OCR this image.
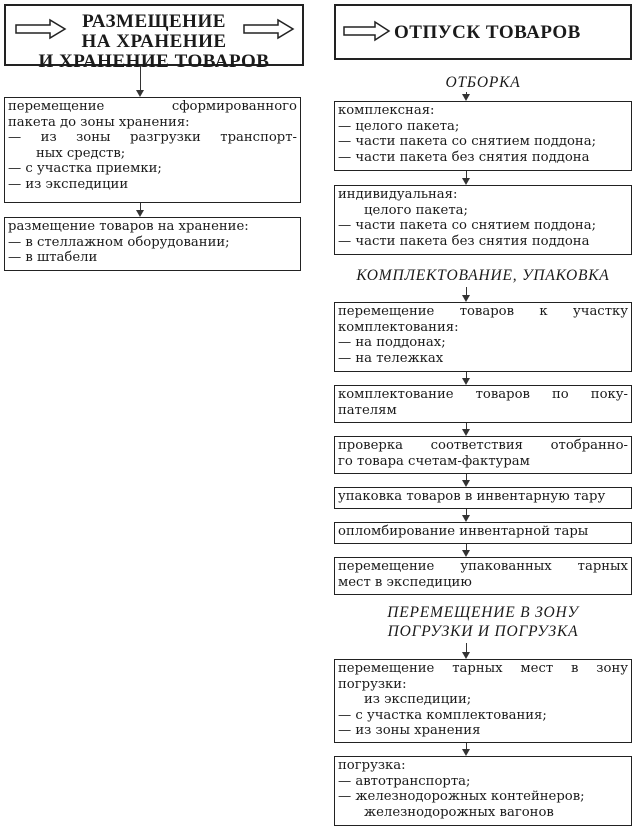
РАЗМЕЩЕНИЕ
НА ХРАНЕНИЕ
И ХРАНЕНИЕ ТОВАРОВ
перемещение сформированного
пакета до зоны хранения:
— из зоны разгрузки транспорт-
ных средств;
— с участка приемки;
— из экспедиции
размещение товаров на хранение:
— в стеллажном оборудовании;
— в штабели
ОТПУСК ТОВАРОВ
ОТБОРКА
комплексная:
— целого пакета;
— части пакета со снятием поддона;
— части пакета без снятия поддона
индивидуальная:
целого пакета;
— части пакета со снятием поддона;
— части пакета без снятия поддона
КОМПЛЕКТОВАНИЕ, УПАКОВКА
перемещение товаров к участку
комплектования:
— на поддонах;
— на тележках
комплектование товаров по поку-
пателям
проверка соответствия отобранно-
го товара счетам-фактурам
упаковка товаров в инвентарную тару
опломбирование инвентарной тары
перемещение упакованных тарных
мест в экспедицию
ПЕРЕМЕЩЕНИЕ В ЗОНУ
ПОГРУЗКИ И ПОГРУЗКА
перемещение тарных мест в зону
погрузки:
из экспедиции;
— с участка комплектования;
— из зоны хранения
погрузка:
— автотранспорта;
— железнодорожных контейнеров;
железнодорожных вагонов
